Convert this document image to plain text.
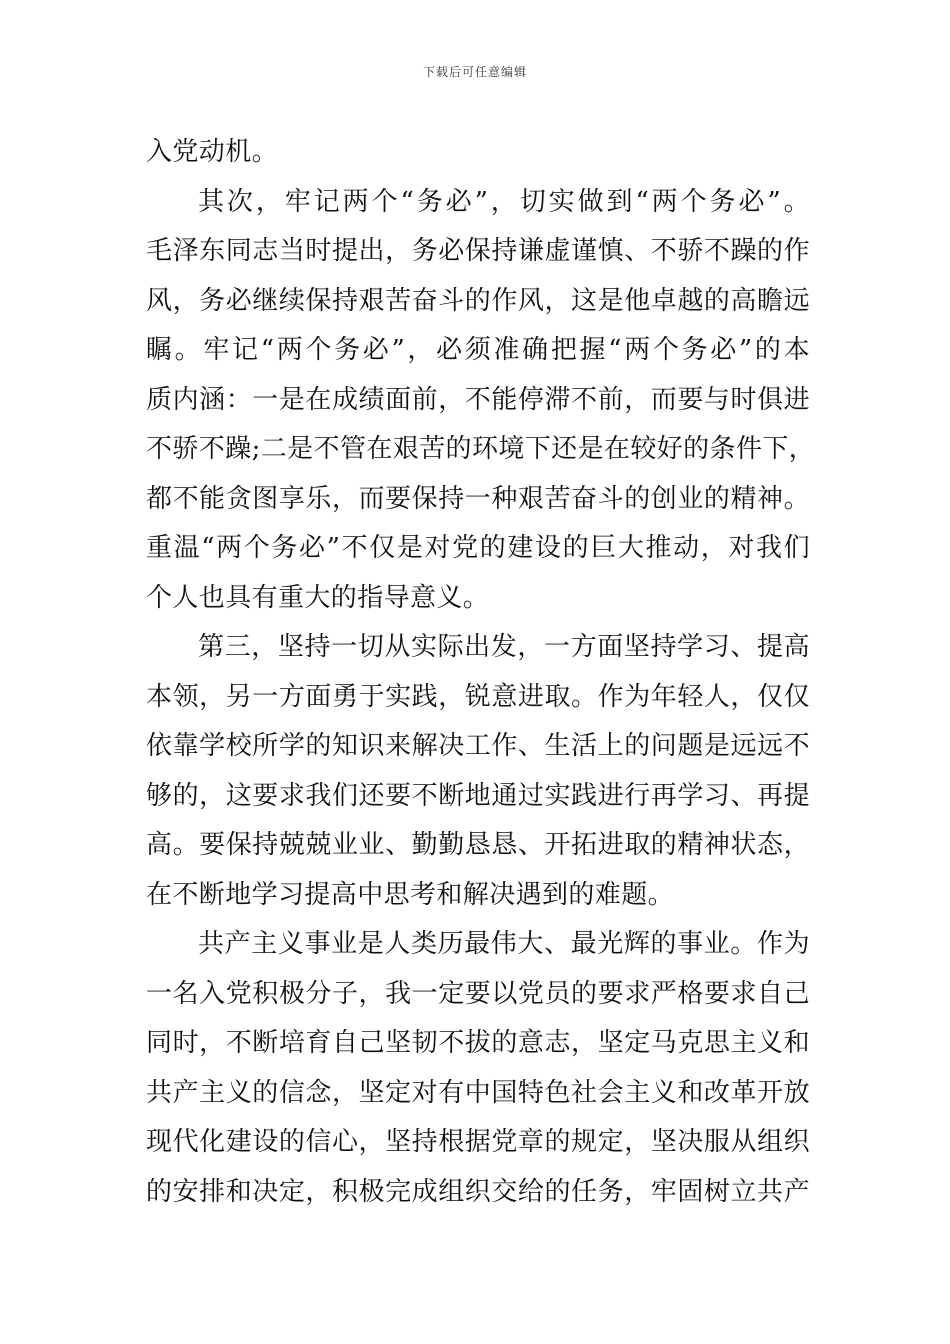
下载后可任意编辑
入党动机。
其次，牢记两个“务必”，切实做到“两个务必”。
毛泽东同志当时提出，务必保持谦虚谨慎、不骄不躁的作
风，务必继续保持艰苦奋斗的作风，这是他卓越的高瞻远
瞩。牢记“两个务必”，必须准确把握“两个务必”的本
质内涵：一是在成绩面前，不能停滞不前，而要与时俱进
不骄不躁;二是不管在艰苦的环境下还是在较好的条件下，
都不能贪图享乐，而要保持一种艰苦奋斗的创业的精神。
重温“两个务必”不仅是对党的建设的巨大推动，对我们
个人也具有重大的指导意义。
第三，坚持一切从实际出发，一方面坚持学习、提高
本领，另一方面勇于实践，锐意进取。作为年轻人，仅仅
依靠学校所学的知识来解决工作、生活上的问题是远远不
够的，这要求我们还要不断地通过实践进行再学习、再提
高。要保持兢兢业业、勤勤恳恳、开拓进取的精神状态，
在不断地学习提高中思考和解决遇到的难题。
共产主义事业是人类历最伟大、最光辉的事业。作为
一名入党积极分子，我一定要以党员的要求严格要求自己
同时，不断培育自己坚韧不拔的意志，坚定马克思主义和
共产主义的信念，坚定对有中国特色社会主义和改革开放
现代化建设的信心，坚持根据党章的规定，坚决服从组织
的安排和决定，积极完成组织交给的任务，牢固树立共产
